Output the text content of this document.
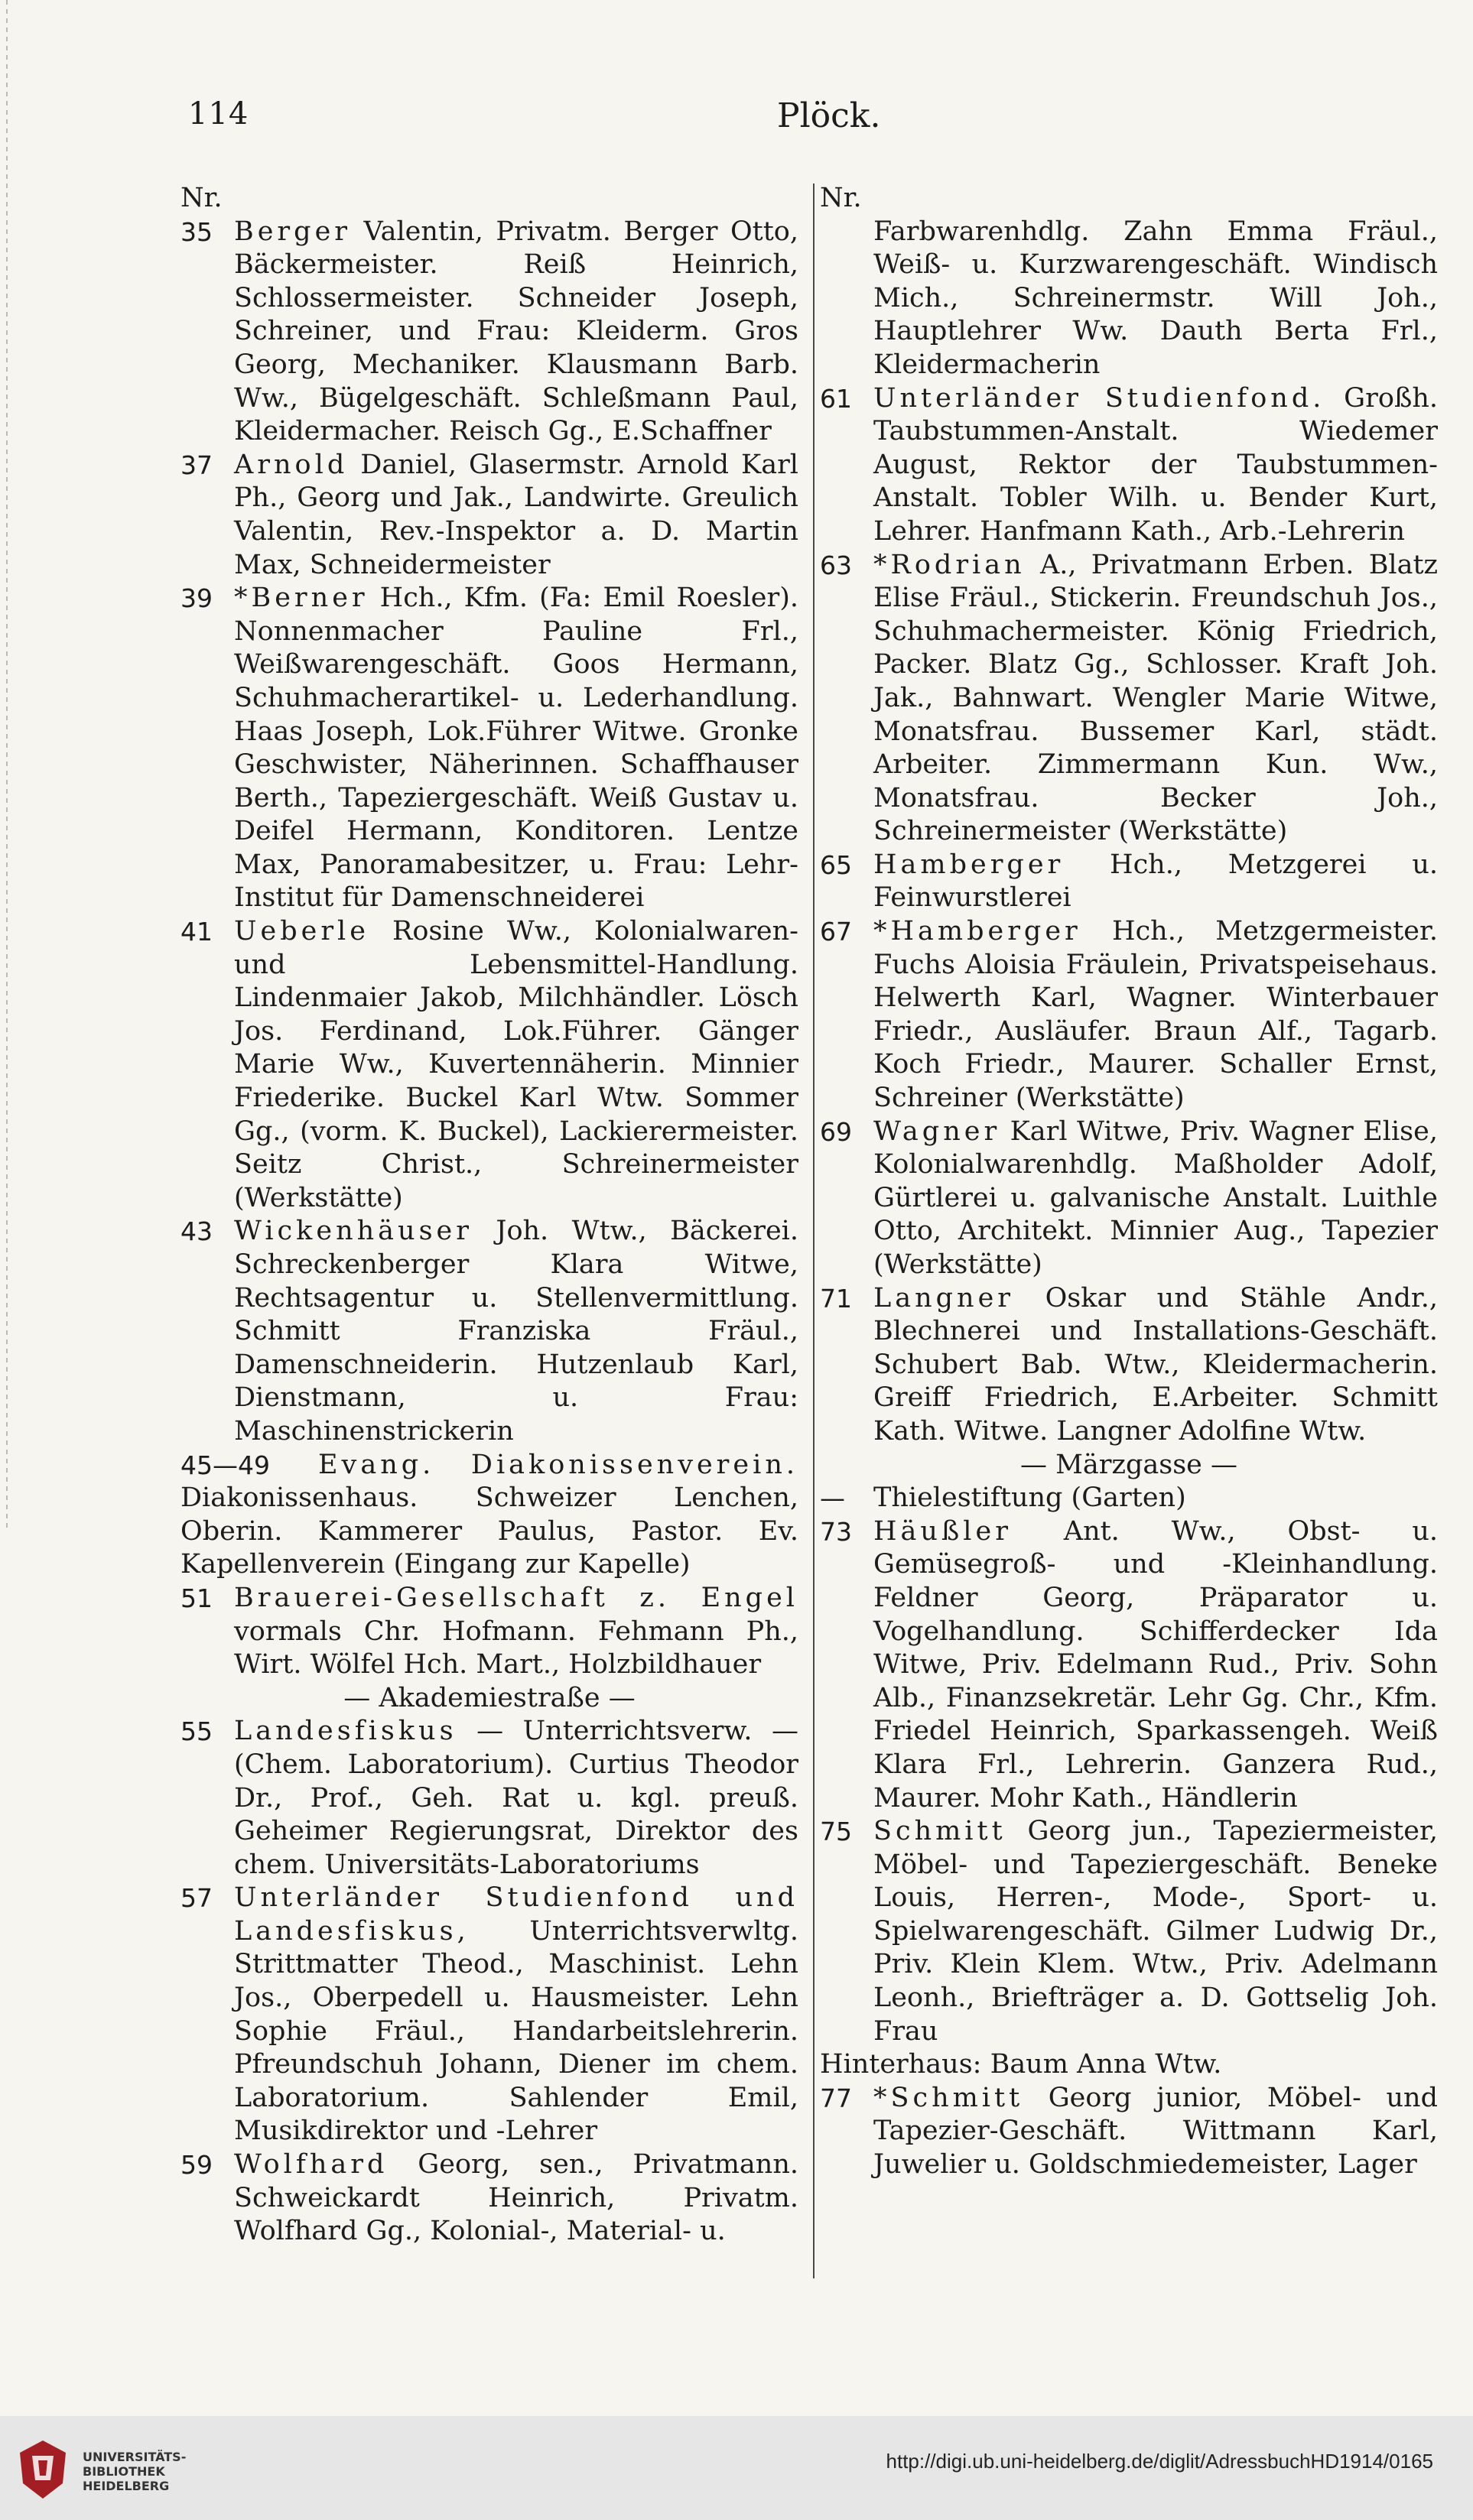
114	Plöck.
Nr.
35 Berger Valentin, Privatm. Berger Otto, Bäckermeister. Reiß Heinrich, Schlossermeister. Schneider Joseph, Schreiner, und Frau: Kleiderm. Gros Georg, Mechaniker. Klausmann Barb. Ww., Bügelgeschäft. Schleßmann Paul, Kleidermacher. Reisch Gg., E.Schaffner
37 Arnold Daniel, Glasermstr. Arnold Karl Ph., Georg und Jak., Landwirte. Greulich Valentin, Rev.-Inspektor a. D. Martin Max, Schneidermeister
39 *Berner Hch., Kfm. (Fa: Emil Roesler). Nonnenmacher Pauline Frl., Weißwarengeschäft. Goos Hermann, Schuhmacherartikel- u. Lederhandlung. Haas Joseph, Lok.Führer Witwe. Gronke Geschwister, Näherinnen. Schaffhauser Berth., Tapeziergeschäft. Weiß Gustav u. Deifel Hermann, Konditoren. Lentze Max, Panoramabesitzer, u. Frau: Lehr-Institut für Damenschneiderei
41 Ueberle Rosine Ww., Kolonialwaren- und Lebensmittel-Handlung. Lindenmaier Jakob, Milchhändler. Lösch Jos. Ferdinand, Lok.Führer. Gänger Marie Ww., Kuvertennäherin. Minnier Friederike. Buckel Karl Wtw. Sommer Gg., (vorm. K. Buckel), Lackierermeister. Seitz Christ., Schreinermeister (Werkstätte)
43 Wickenhäuser Joh. Wtw., Bäckerei. Schreckenberger Klara Witwe, Rechtsagentur u. Stellenvermittlung. Schmitt Franziska Fräul., Damenschneiderin. Hutzenlaub Karl, Dienstmann, u. Frau: Maschinenstrickerin
45—49	Evang. Diakonissenverein. Diakonissenhaus. Schweizer Lenchen, Oberin. Kammerer Paulus, Pastor. Ev. Kapellenverein (Eingang zur Kapelle)
51 Brauerei-Gesellschaft z. Engel vormals Chr. Hofmann. Fehmann Ph., Wirt. Wölfel Hch. Mart., Holzbildhauer
— Akademiestraße —
55 Landesfiskus — Unterrichtsverw. — (Chem. Laboratorium). Curtius Theodor Dr., Prof., Geh. Rat u. kgl. preuß. Geheimer Regierungsrat, Direktor des chem. Universitäts-Laboratoriums
57 Unterländer Studienfond und Landesfiskus, Unterrichtsverwltg. Strittmatter Theod., Maschinist. Lehn Jos., Oberpedell u. Hausmeister. Lehn Sophie Fräul., Handarbeitslehrerin. Pfreundschuh Johann, Diener im chem. Laboratorium. Sahlender Emil, Musikdirektor und -Lehrer
59 Wolfhard Georg, sen., Privatmann. Schweickardt Heinrich, Privatm. Wolfhard Gg., Kolonial-, Material- u.
Nr.
Farbwarenhdlg. Zahn Emma Fräul., Weiß- u. Kurzwarengeschäft. Windisch Mich., Schreinermstr. Will Joh., Hauptlehrer Ww. Dauth Berta Frl., Kleidermacherin
61 Unterländer Studienfond. Großh. Taubstummen-Anstalt. Wiedemer August, Rektor der Taubstummen-Anstalt. Tobler Wilh. u. Bender Kurt, Lehrer. Hanfmann Kath., Arb.-Lehrerin
63 *Rodrian A., Privatmann Erben. Blatz Elise Fräul., Stickerin. Freundschuh Jos., Schuhmachermeister. König Friedrich, Packer. Blatz Gg., Schlosser. Kraft Joh. Jak., Bahnwart. Wengler Marie Witwe, Monatsfrau. Bussemer Karl, städt. Arbeiter. Zimmermann Kun. Ww., Monatsfrau. Becker Joh., Schreinermeister (Werkstätte)
65 Hamberger Hch., Metzgerei u. Feinwurstlerei
67 *Hamberger Hch., Metzgermeister. Fuchs Aloisia Fräulein, Privatspeisehaus. Helwerth Karl, Wagner. Winterbauer Friedr., Ausläufer. Braun Alf., Tagarb. Koch Friedr., Maurer. Schaller Ernst, Schreiner (Werkstätte)
69 Wagner Karl Witwe, Priv. Wagner Elise, Kolonialwarenhdlg. Maßholder Adolf, Gürtlerei u. galvanische Anstalt. Luithle Otto, Architekt. Minnier Aug., Tapezier (Werkstätte)
71 Langner Oskar und Stähle Andr., Blechnerei und Installations-Geschäft. Schubert Bab. Wtw., Kleidermacherin. Greiff Friedrich, E.Arbeiter. Schmitt Kath. Witwe. Langner Adolfine Wtw.
— Märzgasse —
—	Thielestiftung (Garten)
73 Häußler Ant. Ww., Obst- u. Gemüsegroß- und -Kleinhandlung. Feldner Georg, Präparator u. Vogelhandlung. Schifferdecker Ida Witwe, Priv. Edelmann Rud., Priv. Sohn Alb., Finanzsekretär. Lehr Gg. Chr., Kfm. Friedel Heinrich, Sparkassengeh. Weiß Klara Frl., Lehrerin. Ganzera Rud., Maurer. Mohr Kath., Händlerin
75 Schmitt Georg jun., Tapeziermeister, Möbel- und Tapeziergeschäft. Beneke Louis, Herren-, Mode-, Sport- u. Spielwarengeschäft. Gilmer Ludwig Dr., Priv. Klein Klem. Wtw., Priv. Adelmann Leonh., Briefträger a. D. Gottselig Joh. Frau
Hinterhaus: Baum Anna Wtw.
77 *Schmitt Georg junior, Möbel- und Tapezier-Geschäft. Wittmann Karl, Juwelier u. Goldschmiedemeister, Lager
UNIVERSITÄTS-
BIBLIOTHEK
HEIDELBERG
http://digi.ub.uni-heidelberg.de/diglit/AdressbuchHD1914/0165
